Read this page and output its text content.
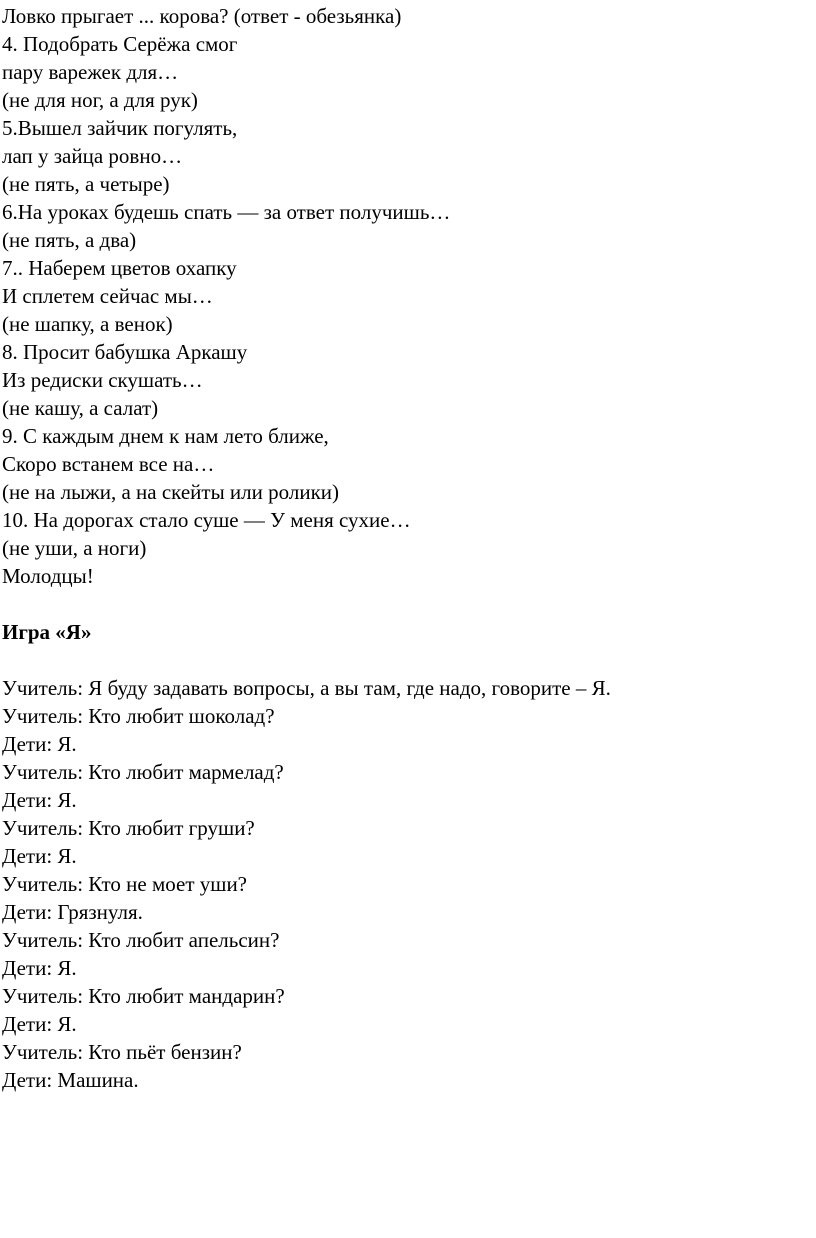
Ловко прыгает ... корова? (ответ - обезьянка)
4. Подобрать Серёжа смог
пару варежек для…
(не для ног, а для рук)
5.Вышел зайчик погулять,
лап у зайца ровно…
(не пять, а четыре)
6.На уроках будешь спать — за ответ получишь…
(не пять, а два)
7.. Наберем цветов охапку
И сплетем сейчас мы…
(не шапку, а венок)
8. Просит бабушка Аркашу
Из редиски скушать…
(не кашу, а салат)
9. С каждым днем к нам лето ближе,
Скоро встанем все на…
(не на лыжи, а на скейты или ролики)
10. На дорогах стало суше — У меня сухие…
(не уши, а ноги)
Молодцы!
Игра «Я»
Учитель: Я буду задавать вопросы, а вы там, где надо, говорите – Я.
Учитель: Кто любит шоколад?
Дети: Я.
Учитель: Кто любит мармелад?
Дети: Я.
Учитель: Кто любит груши?
Дети: Я.
Учитель: Кто не моет уши?
Дети: Грязнуля.
Учитель: Кто любит апельсин?
Дети: Я.
Учитель: Кто любит мандарин?
Дети: Я.
Учитель: Кто пьёт бензин?
Дети: Машина.
